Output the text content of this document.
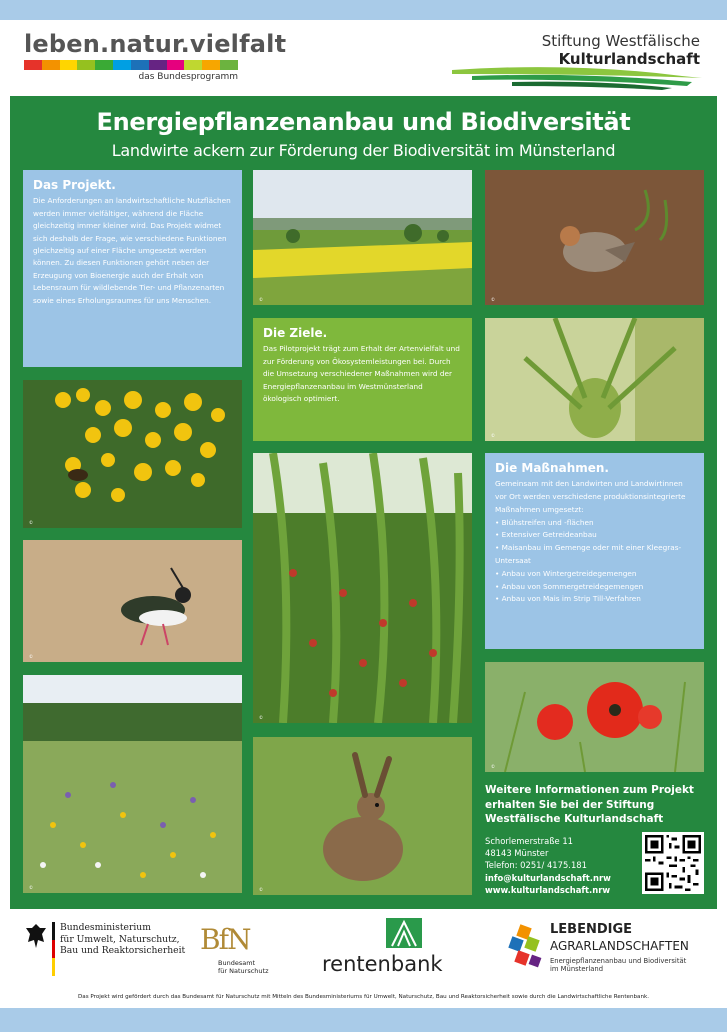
leben.natur.vielfalt
das Bundesprogramm
Stiftung Westfälische
Kulturlandschaft
Energiepflanzenanbau und Biodiversität
Landwirte ackern zur Förderung der Biodiversität im Münsterland
Das Projekt.
Die Anforderungen an landwirtschaftliche Nutzflächen werden immer vielfältiger, während die Fläche gleichzeitig immer kleiner wird. Das Projekt widmet sich deshalb der Frage, wie verschiedene Funktionen gleichzeitig auf einer Fläche umgesetzt werden können. Zu diesen Funktionen gehört neben der Erzeugung von Bioenergie auch der Erhalt von Lebensraum für wildlebende Tier- und Pflanzenarten sowie eines Erholungsraumes für uns Menschen.	©	©
Die Ziele.
Das Pilotprojekt trägt zum Erhalt der Artenvielfalt und zur Förderung von Ökosystemleistungen bei. Durch die Umsetzung verschiedener Maßnahmen wird der Energiepflanzenanbau im Westmünsterland ökologisch optimiert.
©
©
©
Die Maßnahmen.
Gemeinsam mit den Landwirten und Landwirtinnen vor Ort werden verschiedene produktionsintegrierte Maßnahmen umgesetzt:
• Blühstreifen und -flächen
• Extensiver Getreideanbau
• Maisanbau im Gemenge oder mit einer Kleegras-Untersaat
• Anbau von Wintergetreidegemengen
• Anbau von Sommergetreidegemengen
• Anbau von Mais im Strip Till-Verfahren
©
©
©	©
Weitere Informationen zum Projekt erhalten Sie bei der Stiftung Westfälische Kulturlandschaft
Schorlemerstraße 11
48143 Münster
Telefon: 0251/ 4175.181
info@kulturlandschaft.nrw
www.kulturlandschaft.nrw
Bundesministerium
für Umwelt, Naturschutz,
Bau und Reaktorsicherheit BfN
Bundesamt
für Naturschutz	rentenbank
LEBENDIGE
AGRARLANDSCHAFTEN
Energiepflanzenanbau und Biodiversität
im Münsterland
Das Projekt wird gefördert durch das Bundesamt für Naturschutz mit Mitteln des Bundesministeriums für Umwelt, Naturschutz, Bau und Reaktorsicherheit sowie durch die Landwirtschaftliche Rentenbank.
